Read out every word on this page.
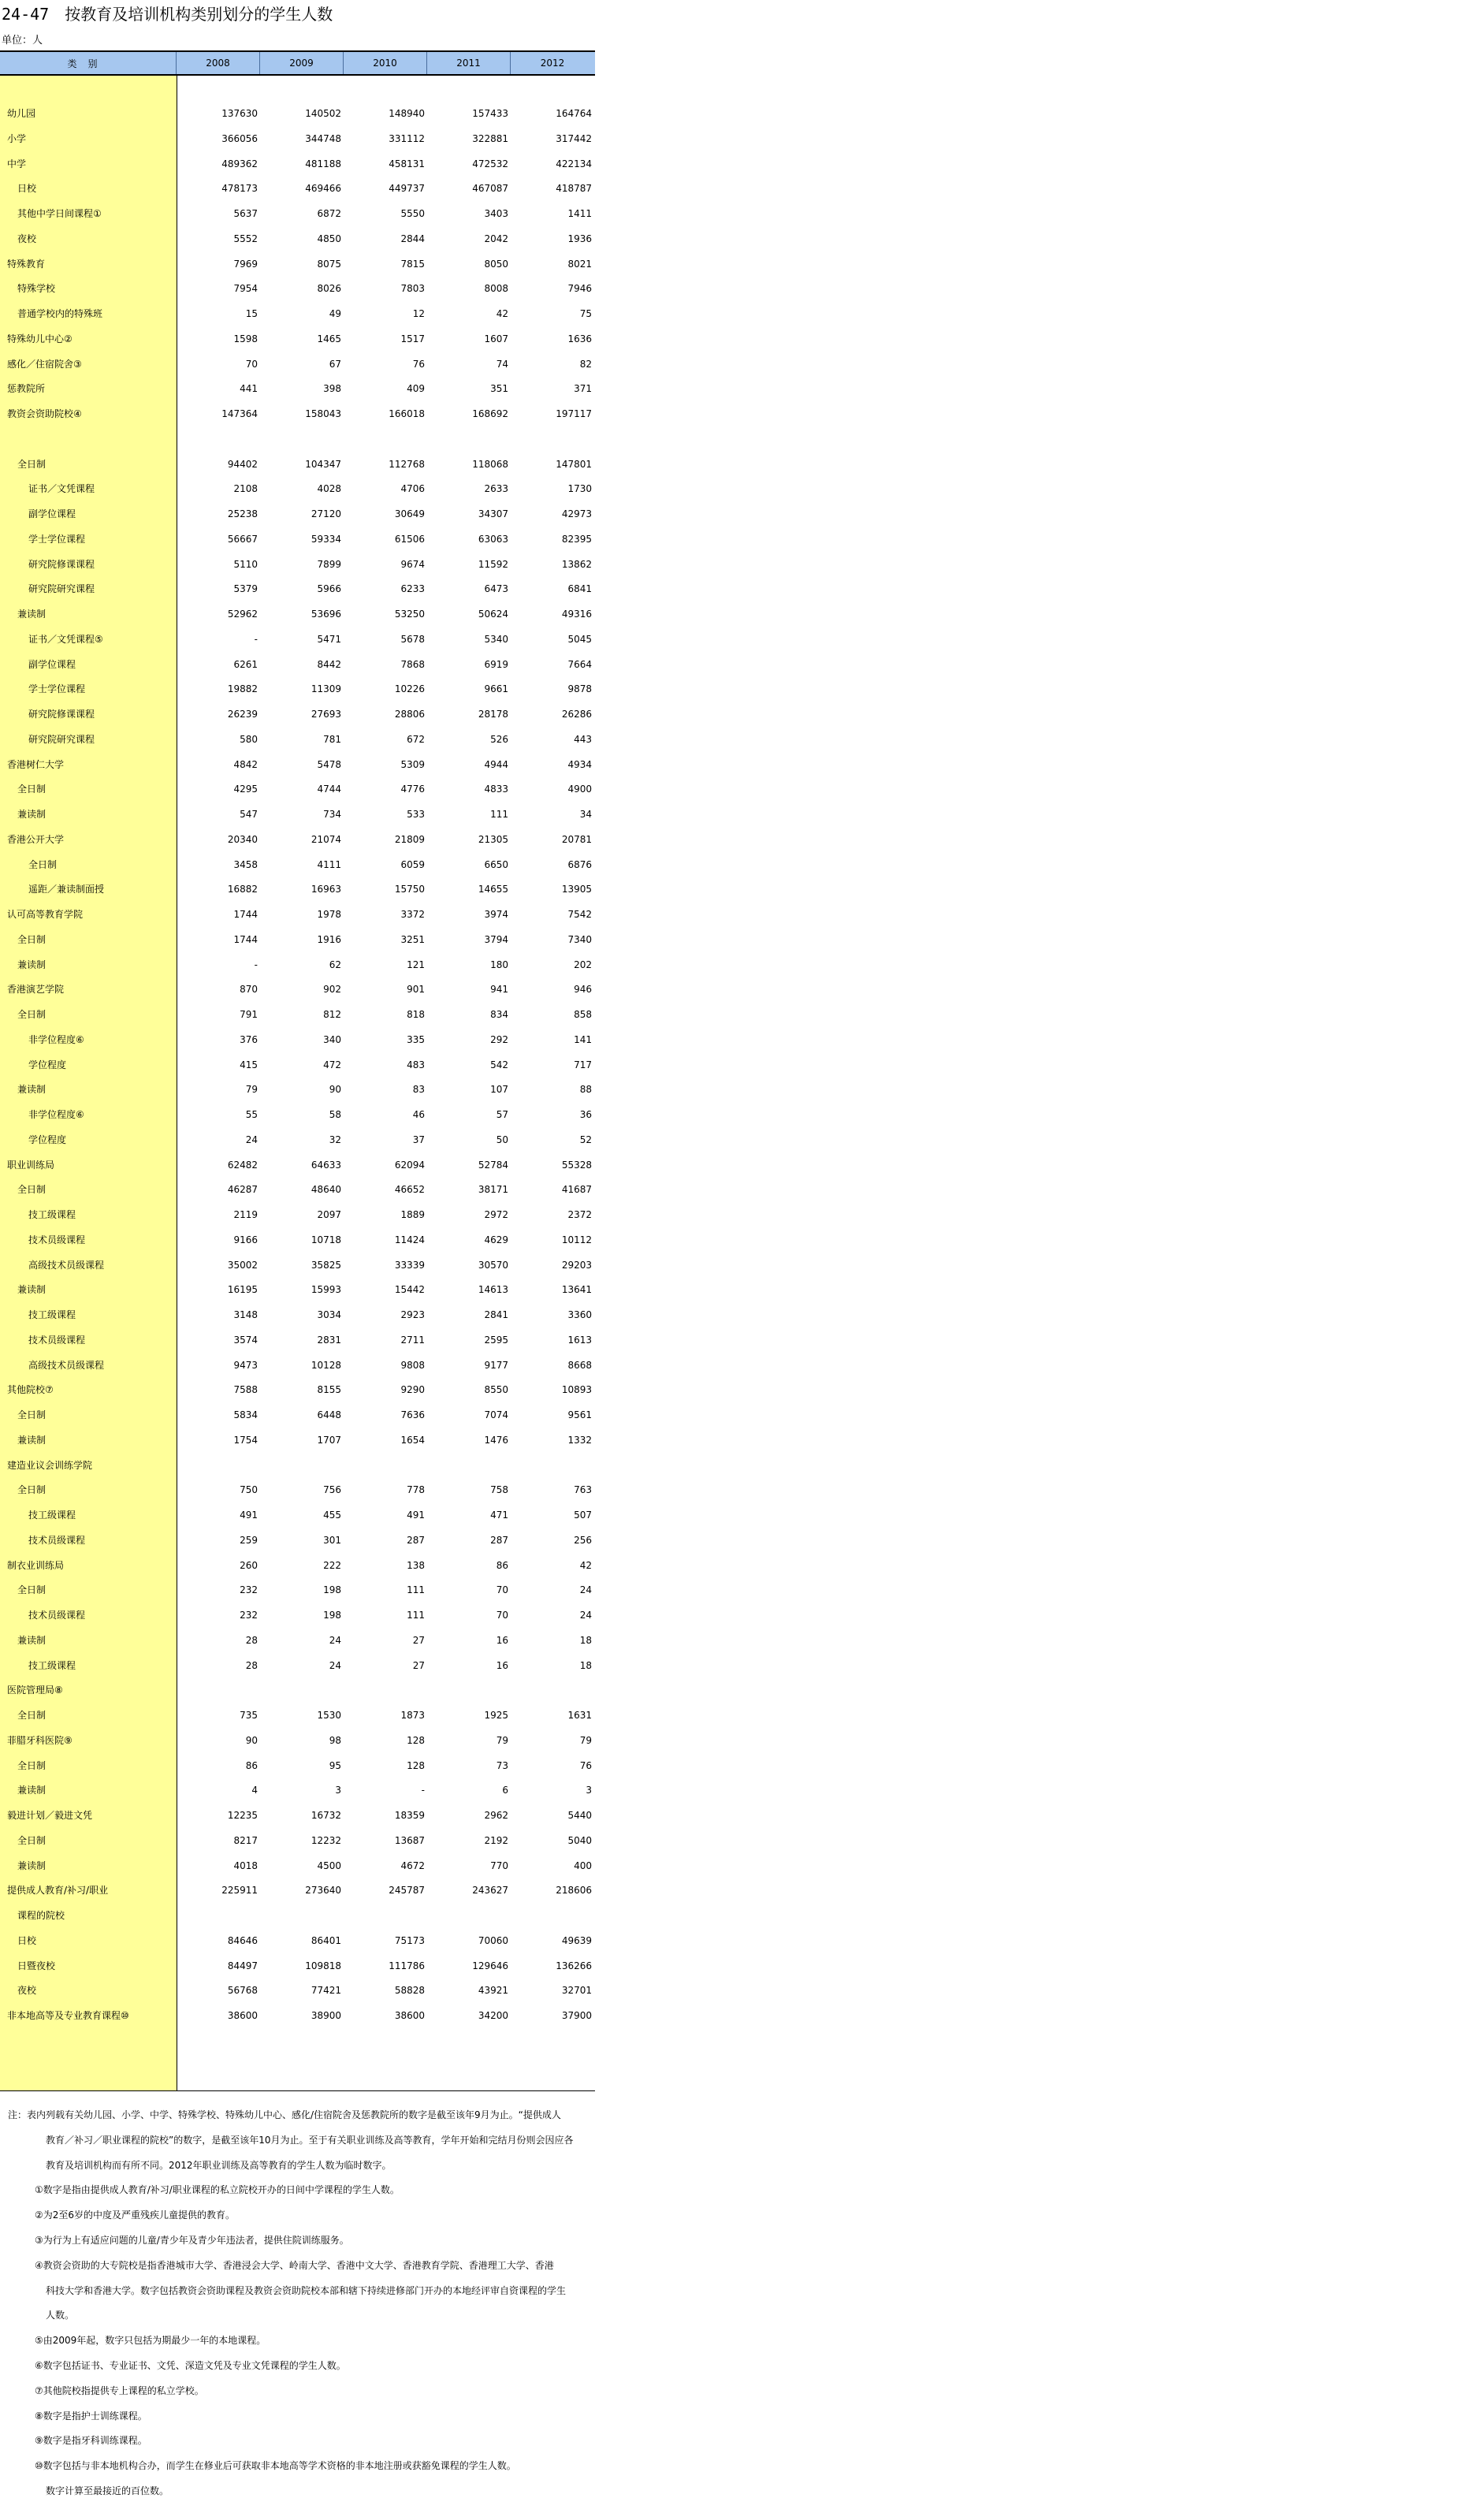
24-47 按教育及培训机构类别划分的学生人数
单位：人
类别	2008	2009	2010	2011	2012
幼儿园	137630	140502	148940	157433	164764
小学	366056	344748	331112	322881	317442
中学	489362	481188	458131	472532	422134
日校	478173	469466	449737	467087	418787
其他中学日间课程①	5637	6872	5550	3403	1411
夜校	5552	4850	2844	2042	1936
特殊教育	7969	8075	7815	8050	8021
特殊学校	7954	8026	7803	8008	7946
普通学校内的特殊班	15	49	12	42	75
特殊幼儿中心②	1598	1465	1517	1607	1636
感化／住宿院舍③	70	67	76	74	82
惩教院所	441	398	409	351	371
教资会资助院校④	147364	158043	166018	168692	197117
全日制	94402	104347	112768	118068	147801
证书／文凭课程	2108	4028	4706	2633	1730
副学位课程	25238	27120	30649	34307	42973
学士学位课程	56667	59334	61506	63063	82395
研究院修课课程	5110	7899	9674	11592	13862
研究院研究课程	5379	5966	6233	6473	6841
兼读制	52962	53696	53250	50624	49316
证书／文凭课程⑤	-	5471	5678	5340	5045
副学位课程	6261	8442	7868	6919	7664
学士学位课程	19882	11309	10226	9661	9878
研究院修课课程	26239	27693	28806	28178	26286
研究院研究课程	580	781	672	526	443
香港树仁大学	4842	5478	5309	4944	4934
全日制	4295	4744	4776	4833	4900
兼读制	547	734	533	111	34
香港公开大学	20340	21074	21809	21305	20781
全日制	3458	4111	6059	6650	6876
遥距／兼读制面授	16882	16963	15750	14655	13905
认可高等教育学院	1744	1978	3372	3974	7542
全日制	1744	1916	3251	3794	7340
兼读制	-	62	121	180	202
香港演艺学院	870	902	901	941	946
全日制	791	812	818	834	858
非学位程度⑥	376	340	335	292	141
学位程度	415	472	483	542	717
兼读制	79	90	83	107	88
非学位程度⑥	55	58	46	57	36
学位程度	24	32	37	50	52
职业训练局	62482	64633	62094	52784	55328
全日制	46287	48640	46652	38171	41687
技工级课程	2119	2097	1889	2972	2372
技术员级课程	9166	10718	11424	4629	10112
高级技术员级课程	35002	35825	33339	30570	29203
兼读制	16195	15993	15442	14613	13641
技工级课程	3148	3034	2923	2841	3360
技术员级课程	3574	2831	2711	2595	1613
高级技术员级课程	9473	10128	9808	9177	8668
其他院校⑦	7588	8155	9290	8550	10893
全日制	5834	6448	7636	7074	9561
兼读制	1754	1707	1654	1476	1332
建造业议会训练学院
全日制	750	756	778	758	763
技工级课程	491	455	491	471	507
技术员级课程	259	301	287	287	256
制衣业训练局	260	222	138	86	42
全日制	232	198	111	70	24
技术员级课程	232	198	111	70	24
兼读制	28	24	27	16	18
技工级课程	28	24	27	16	18
医院管理局⑧
全日制	735	1530	1873	1925	1631
菲腊牙科医院⑨	90	98	128	79	79
全日制	86	95	128	73	76
兼读制	4	3	-	6	3
毅进计划／毅进文凭	12235	16732	18359	2962	5440
全日制	8217	12232	13687	2192	5040
兼读制	4018	4500	4672	770	400
提供成人教育/补习/职业	225911	273640	245787	243627	218606
课程的院校
日校	84646	86401	75173	70060	49639
日暨夜校	84497	109818	111786	129646	136266
夜校	56768	77421	58828	43921	32701
非本地高等及专业教育课程⑩	38600	38900	38600	34200	37900
注：表内列载有关幼儿园、小学、中学、特殊学校、特殊幼儿中心、感化/住宿院舍及惩教院所的数字是截至该年9月为止。“提供成人
教育／补习／职业课程的院校”的数字，是截至该年10月为止。至于有关职业训练及高等教育，学年开始和完结月份则会因应各
教育及培训机构而有所不同。2012年职业训练及高等教育的学生人数为临时数字。
①数字是指由提供成人教育/补习/职业课程的私立院校开办的日间中学课程的学生人数。
②为2至6岁的中度及严重残疾儿童提供的教育。
③为行为上有适应问题的儿童/青少年及青少年违法者，提供住院训练服务。
④教资会资助的大专院校是指香港城市大学、香港浸会大学、岭南大学、香港中文大学、香港教育学院、香港理工大学、香港
科技大学和香港大学。数字包括教资会资助课程及教资会资助院校本部和辖下持续进修部门开办的本地经评审自资课程的学生
人数。
⑤由2009年起，数字只包括为期最少一年的本地课程。
⑥数字包括证书、专业证书、文凭、深造文凭及专业文凭课程的学生人数。
⑦其他院校指提供专上课程的私立学校。
⑧数字是指护士训练课程。
⑨数字是指牙科训练课程。
⑩数字包括与非本地机构合办，而学生在修业后可获取非本地高等学术资格的非本地注册或获豁免课程的学生人数。
数字计算至最接近的百位数。
